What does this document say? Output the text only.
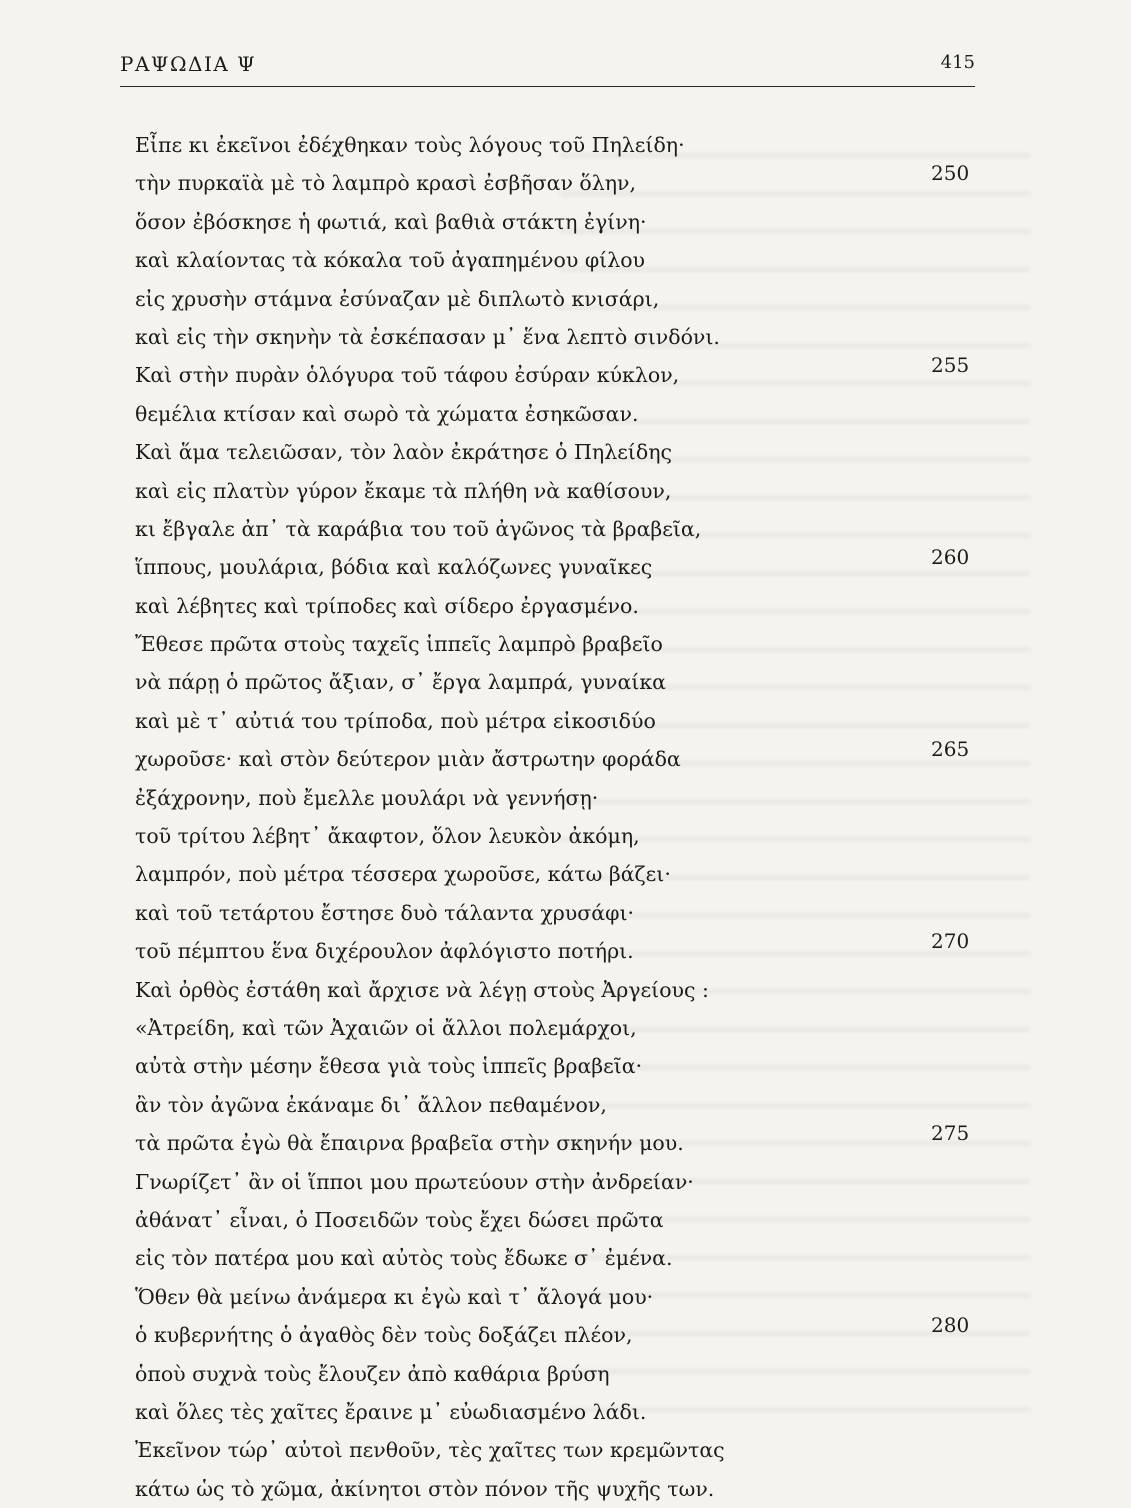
ΡΑΨΩΔΙΑ Ψ	415
Εἶπε κι ἐκεῖνοι ἐδέχθηκαν τοὺς λόγους τοῦ Πηλείδη·
τὴν πυρκαϊὰ μὲ τὸ λαμπρὸ κρασὶ ἐσβῆσαν ὅλην,	250
ὅσον ἐβόσκησε ἡ φωτιά, καὶ βαθιὰ στάκτη ἐγίνη·
καὶ κλαίοντας τὰ κόκαλα τοῦ ἀγαπημένου φίλου
εἰς χρυσὴν στάμνα ἐσύναζαν μὲ διπλωτὸ κνισάρι,
καὶ εἰς τὴν σκηνὴν τὰ ἐσκέπασαν μ᾽ ἕνα λεπτὸ σινδόνι.
Καὶ στὴν πυρὰν ὁλόγυρα τοῦ τάφου ἐσύραν κύκλον,	255
θεμέλια κτίσαν καὶ σωρὸ τὰ χώματα ἐσηκῶσαν.
Καὶ ἅμα τελειῶσαν, τὸν λαὸν ἐκράτησε ὁ Πηλείδης
καὶ εἰς πλατὺν γύρον ἔκαμε τὰ πλήθη νὰ καθίσουν,
κι ἔβγαλε ἀπ᾽ τὰ καράβια του τοῦ ἀγῶνος τὰ βραβεῖα,
ἵππους, μουλάρια, βόδια καὶ καλόζωνες γυναῖκες	260
καὶ λέβητες καὶ τρίποδες καὶ σίδερο ἐργασμένο.
Ἔθεσε πρῶτα στοὺς ταχεῖς ἱππεῖς λαμπρὸ βραβεῖο
νὰ πάρῃ ὁ πρῶτος ἄξιαν, σ᾽ ἔργα λαμπρά, γυναίκα
καὶ μὲ τ᾽ αὐτιά του τρίποδα, ποὺ μέτρα εἰκοσιδύο
χωροῦσε· καὶ στὸν δεύτερον μιὰν ἄστρωτην φοράδα	265
ἐξάχρονην, ποὺ ἔμελλε μουλάρι νὰ γεννήσῃ·
τοῦ τρίτου λέβητ᾽ ἄκαφτον, ὅλον λευκὸν ἀκόμη,
λαμπρόν, ποὺ μέτρα τέσσερα χωροῦσε, κάτω βάζει·
καὶ τοῦ τετάρτου ἔστησε δυὸ τάλαντα χρυσάφι·
τοῦ πέμπτου ἕνα διχέρουλον ἀφλόγιστο ποτήρι.	270
Καὶ ὀρθὸς ἐστάθη καὶ ἄρχισε νὰ λέγῃ στοὺς Ἀργείους :
«Ἀτρείδη, καὶ τῶν Ἀχαιῶν οἱ ἄλλοι πολεμάρχοι,
αὐτὰ στὴν μέσην ἔθεσα γιὰ τοὺς ἱππεῖς βραβεῖα·
ἂν τὸν ἀγῶνα ἐκάναμε δι᾽ ἄλλον πεθαμένον,
τὰ πρῶτα ἐγὼ θὰ ἔπαιρνα βραβεῖα στὴν σκηνήν μου.	275
Γνωρίζετ᾽ ἂν οἱ ἵπποι μου πρωτεύουν στὴν ἀνδρείαν·
ἀθάνατ᾽ εἶναι, ὁ Ποσειδῶν τοὺς ἔχει δώσει πρῶτα
εἰς τὸν πατέρα μου καὶ αὐτὸς τοὺς ἔδωκε σ᾽ ἐμένα.
Ὅθεν θὰ μείνω ἀνάμερα κι ἐγὼ καὶ τ᾽ ἄλογά μου·
ὁ κυβερνήτης ὁ ἀγαθὸς δὲν τοὺς δοξάζει πλέον,	280
ὁποὺ συχνὰ τοὺς ἔλουζεν ἀπὸ καθάρια βρύση
καὶ ὅλες τὲς χαῖτες ἔραινε μ᾽ εὐωδιασμένο λάδι.
Ἐκεῖνον τώρ᾽ αὐτοὶ πενθοῦν, τὲς χαῖτες των κρεμῶντας
κάτω ὡς τὸ χῶμα, ἀκίνητοι στὸν πόνον τῆς ψυχῆς των.
